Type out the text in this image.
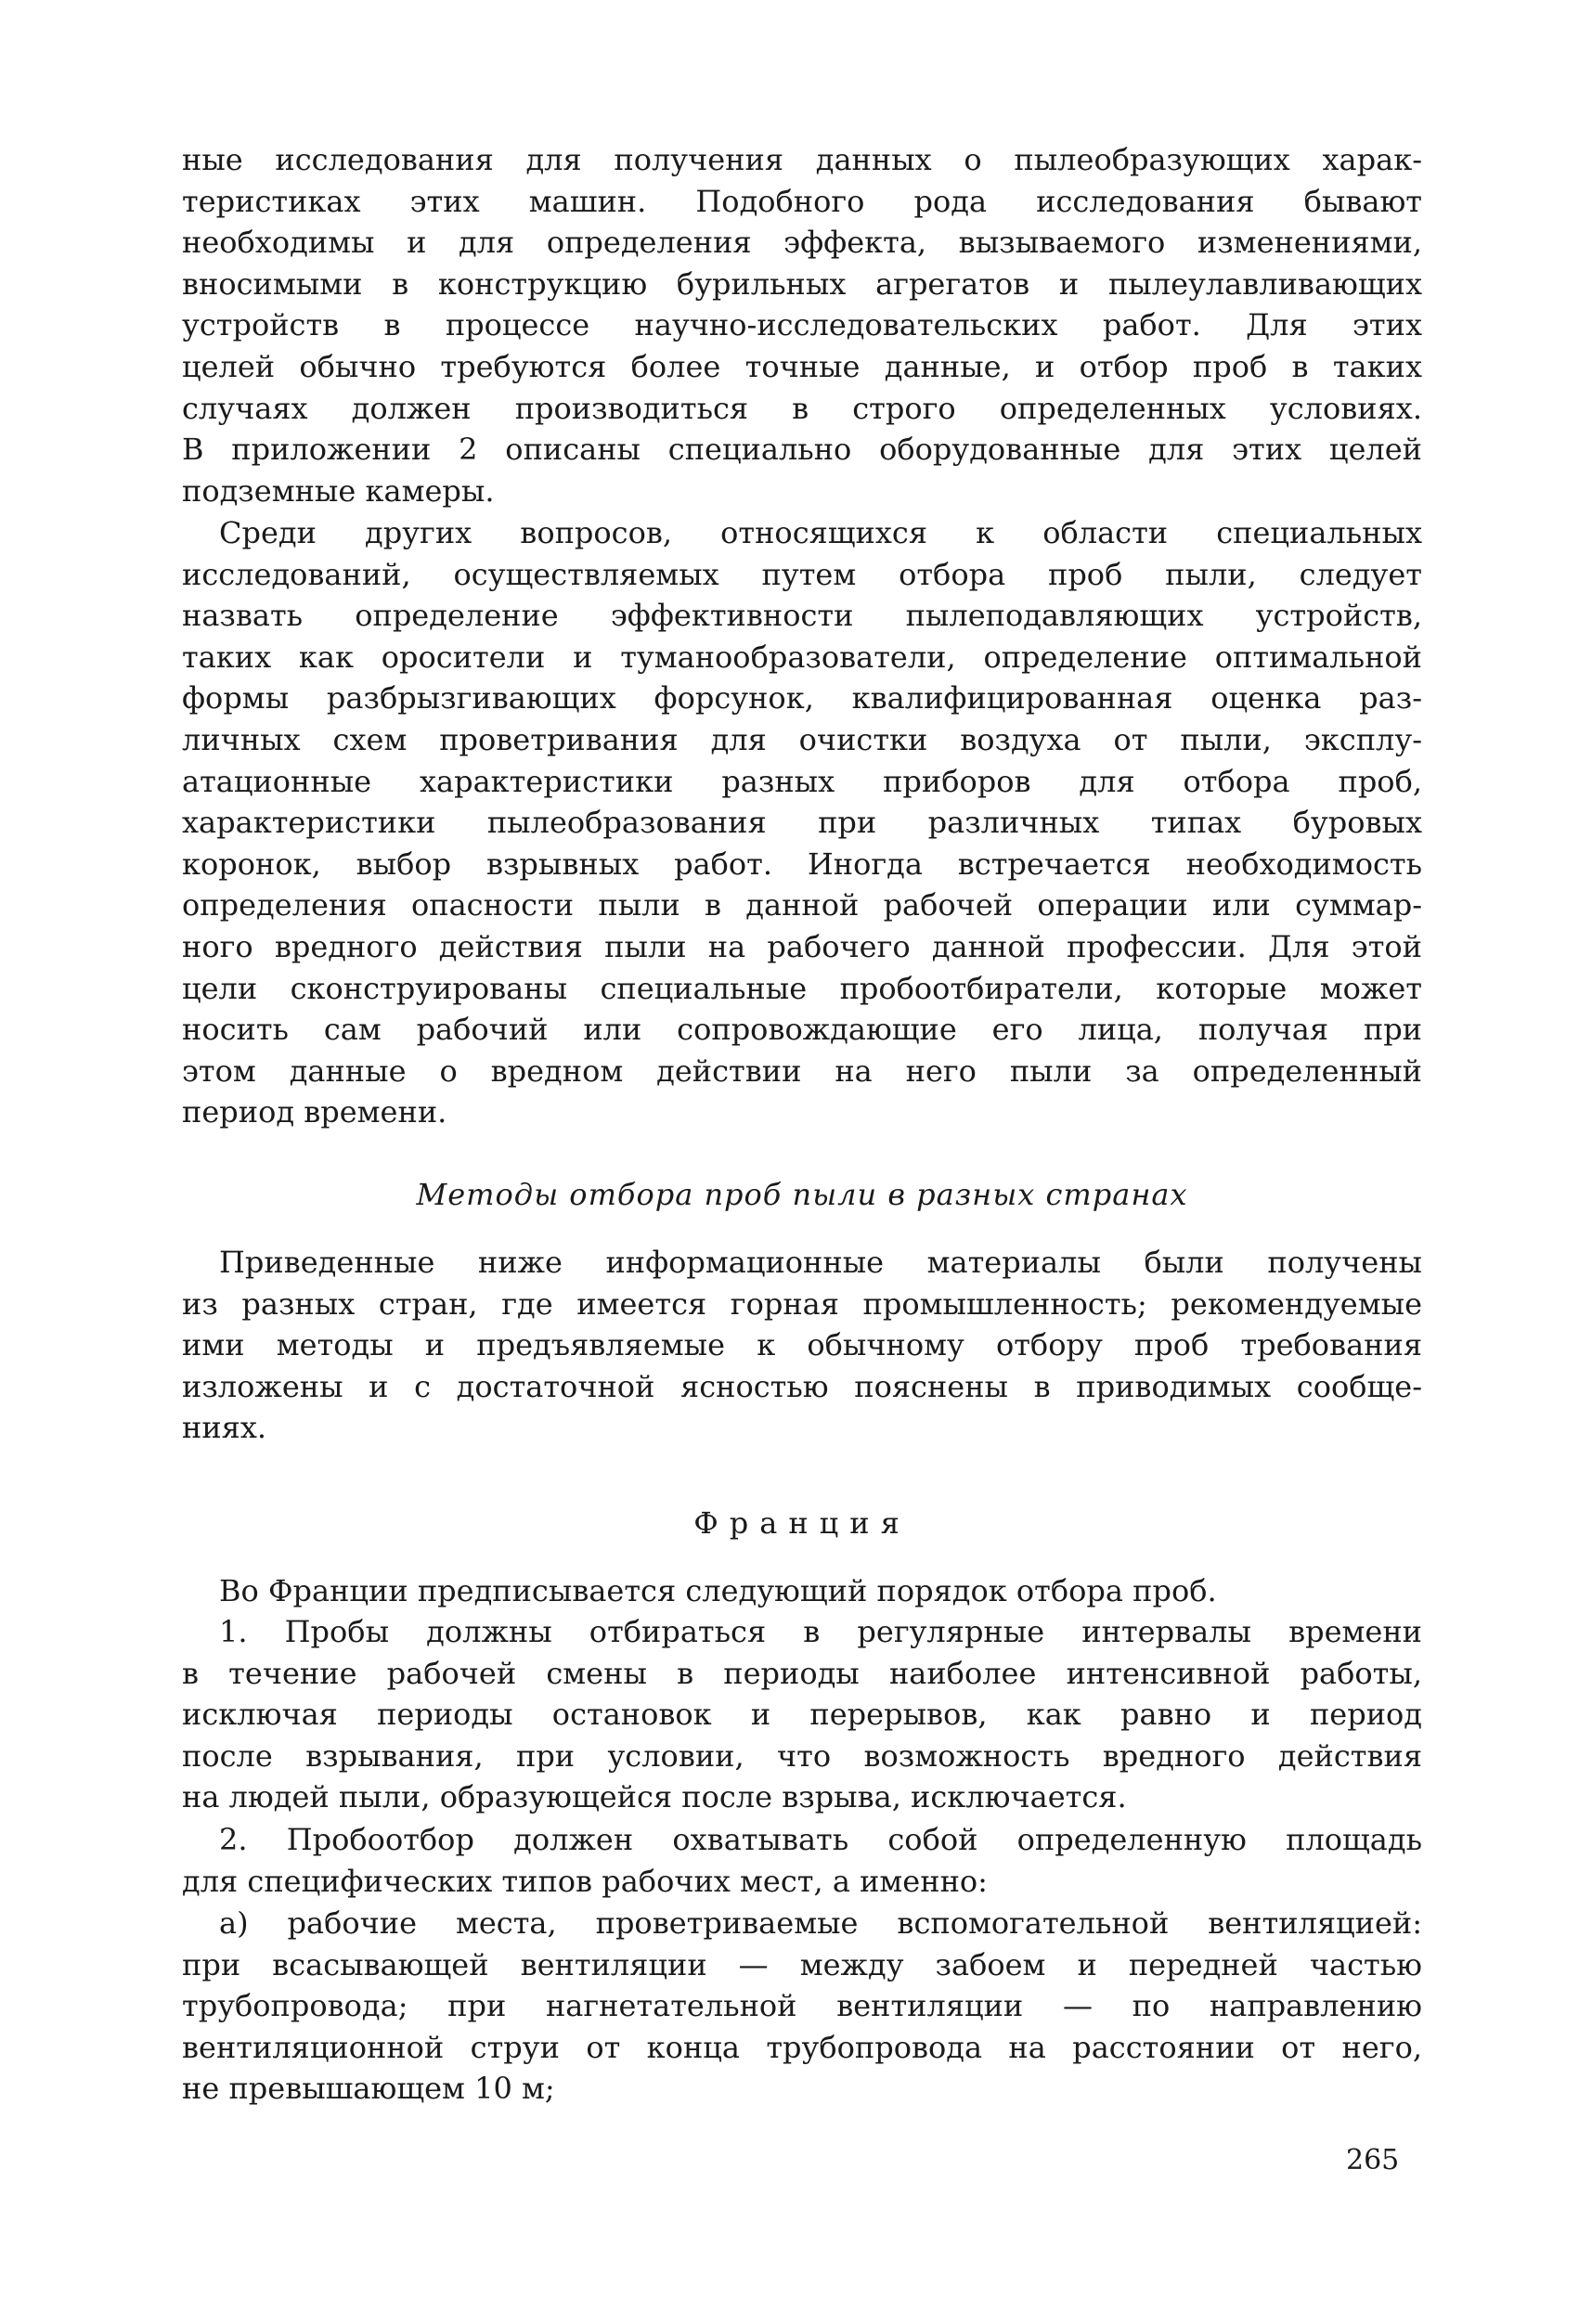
ные исследования для получения данных о пылеобразующих харак-
теристиках этих машин. Подобного рода исследования бывают
необходимы и для определения эффекта, вызываемого изменениями,
вносимыми в конструкцию бурильных агрегатов и пылеулавливающих
устройств в процессе научно-исследовательских работ. Для этих
целей обычно требуются более точные данные, и отбор проб в таких
случаях должен производиться в строго определенных условиях.
В приложении 2 описаны специально оборудованные для этих целей
подземные камеры.
Среди других вопросов, относящихся к области специальных
исследований, осуществляемых путем отбора проб пыли, следует
назвать определение эффективности пылеподавляющих устройств,
таких как оросители и туманообразователи, определение оптимальной
формы разбрызгивающих форсунок, квалифицированная оценка раз-
личных схем проветривания для очистки воздуха от пыли, эксплу-
атационные характеристики разных приборов для отбора проб,
характеристики пылеобразования при различных типах буровых
коронок, выбор взрывных работ. Иногда встречается необходимость
определения опасности пыли в данной рабочей операции или суммар-
ного вредного действия пыли на рабочего данной профессии. Для этой
цели сконструированы специальные пробоотбиратели, которые может
носить сам рабочий или сопровождающие его лица, получая при
этом данные о вредном действии на него пыли за определенный
период времени.
Методы отбора проб пыли в разных странах
Приведенные ниже информационные материалы были получены
из разных стран, где имеется горная промышленность; рекомендуемые
ими методы и предъявляемые к обычному отбору проб требования
изложены и с достаточной ясностью пояснены в приводимых сообще-
ниях.
Франция
Во Франции предписывается следующий порядок отбора проб.
1. Пробы должны отбираться в регулярные интервалы времени
в течение рабочей смены в периоды наиболее интенсивной работы,
исключая периоды остановок и перерывов, как равно и период
после взрывания, при условии, что возможность вредного действия
на людей пыли, образующейся после взрыва, исключается.
2. Пробоотбор должен охватывать собой определенную площадь
для специфических типов рабочих мест, а именно:
а) рабочие места, проветриваемые вспомогательной вентиляцией:
при всасывающей вентиляции — между забоем и передней частью
трубопровода; при нагнетательной вентиляции — по направлению
вентиляционной струи от конца трубопровода на расстоянии от него,
не превышающем 10 м;
265
